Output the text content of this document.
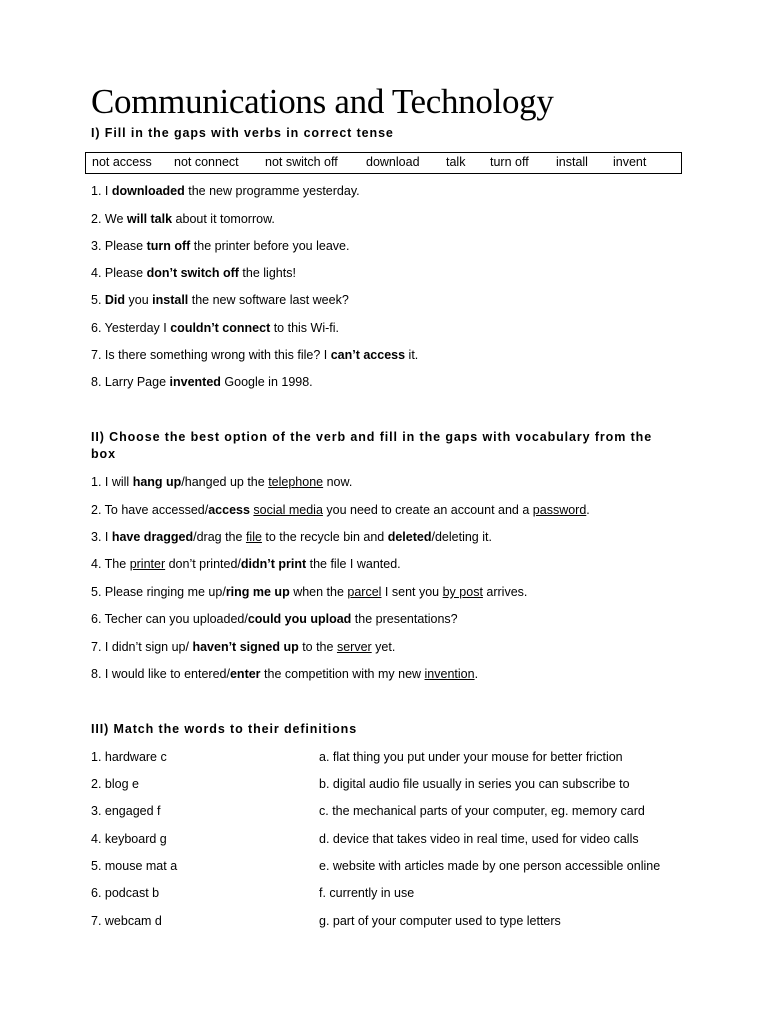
Communications and Technology

I) Fill in the gaps with verbs in correct tense

not access not connect not switch off download talk turn off install invent
1. I downloaded the new programme yesterday.
2. We will talk about it tomorrow.
3. Please turn off the printer before you leave.
4. Please don’t switch off the lights!
5. Did you install the new software last week?
6. Yesterday I couldn’t connect to this Wi-fi.
7. Is there something wrong with this file? I can’t access it.
8. Larry Page invented Google in 1998.

II) Choose the best option of the verb and fill in the gaps with vocabulary from the box

1. I will hang up/hanged up the telephone now.
2. To have accessed/access social media you need to create an account and a password.
3. I have dragged/drag the file to the recycle bin and deleted/deleting it.
4. The printer don’t printed/didn’t print the file I wanted.
5. Please ringing me up/ring me up when the parcel I sent you by post arrives.
6. Techer can you uploaded/could you upload the presentations?
7. I didn’t sign up/ haven’t signed up to the server yet.
8. I would like to entered/enter the competition with my new invention.

III) Match the words to their definitions

1. hardware c
2. blog e
3. engaged f
4. keyboard g
5. mouse mat a
6. podcast b
7. webcam d
a. flat thing you put under your mouse for better friction
b. digital audio file usually in series you can subscribe to
c. the mechanical parts of your computer, eg. memory card
d. device that takes video in real time, used for video calls
e. website with articles made by one person accessible online
f. currently in use
g. part of your computer used to type letters
